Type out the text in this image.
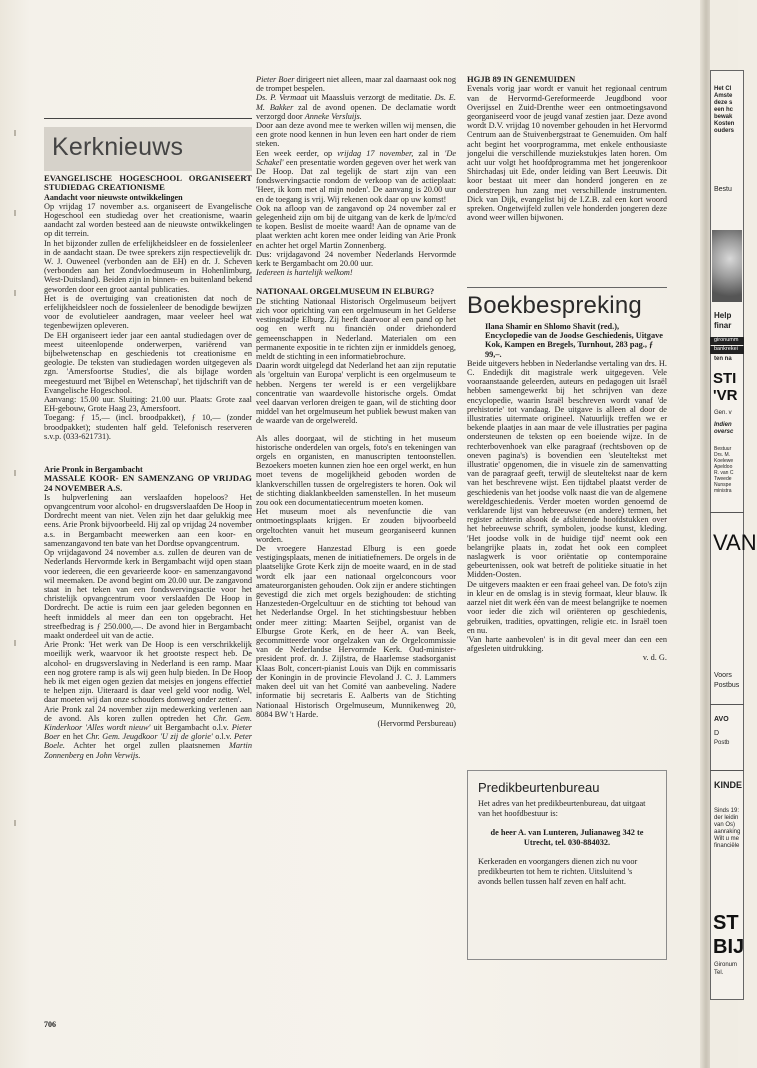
Kerknieuws
EVANGELISCHE HOGESCHOOL ORGANISEERT STUDIEDAG CREATIONISME
Aandacht voor nieuwste ontwikkelingen

Op vrijdag 17 november a.s. organiseert de Evangelische Hogeschool een studiedag over het creationisme, waarin aandacht zal worden besteed aan de nieuwste ontwikkelingen op dit terrein.

In het bijzonder zullen de erfelijkheidsleer en de fossielenleer in de aandacht staan. De twee sprekers zijn respectievelijk dr. W. J. Ouweneel (verbonden aan de EH) en dr. J. Scheven (verbonden aan het Zondvloedmuseum in Hohenlimburg, West-Duitsland). Beiden zijn in binnen- en buitenland bekend geworden door een groot aantal publicaties.

Het is de overtuiging van creationisten dat noch de erfelijkheidsleer noch de fossielenleer de benodigde bewijzen voor de evolutieleer aandragen, maar veeleer heel wat tegenbewijzen opleveren.

De EH organiseert ieder jaar een aantal studiedagen over de meest uiteenlopende onderwerpen, variërend van bijbelwetenschap en geschiedenis tot creationisme en geologie. De teksten van studiedagen worden uitgegeven als zgn. 'Amersfoortse Studies', die als bijlage worden meegestuurd met 'Bijbel en Wetenschap', het tijdschrift van de Evangelische Hogeschool.

Aanvang: 15.00 uur. Sluiting: 21.00 uur. Plaats: Grote zaal EH-gebouw, Grote Haag 23, Amersfoort.

Toegang: ƒ 15,— (incl. broodpakket), ƒ 10,— (zonder broodpakket); studenten half geld. Telefonisch reserveren s.v.p. (033-621731).

Arie Pronk in Bergambacht
MASSALE KOOR- EN SAMENZANG OP VRIJDAG 24 NOVEMBER A.S.

Is hulpverlening aan verslaafden hopeloos? Het opvangcentrum voor alcohol- en drugsverslaafden De Hoop in Dordrecht meent van niet. Velen zijn het daar gelukkig mee eens. Arie Pronk bijvoorbeeld. Hij zal op vrijdag 24 november a.s. in Bergambacht meewerken aan een koor- en samenzangavond ten bate van het Dordtse opvangcentrum.

Op vrijdagavond 24 november a.s. zullen de deuren van de Nederlands Hervormde kerk in Bergambacht wijd open staan voor iedereen, die een gevarieerde koor- en samenzangavond wil meemaken. De avond begint om 20.00 uur. De zangavond staat in het teken van een fondswervingsactie voor het christelijk opvangcentrum voor verslaafden De Hoop in Dordrecht. De actie is ruim een jaar geleden begonnen en heeft inmiddels al meer dan een ton opgebracht. Het streefbedrag is ƒ 250.000,—. De avond hier in Bergambacht maakt onderdeel uit van de actie.

Arie Pronk: 'Het werk van De Hoop is een verschrikkelijk moeilijk werk, waarvoor ik het grootste respect heb. De alcohol- en drugsverslaving in Nederland is een ramp. Maar een nog grotere ramp is als wij geen hulp bieden. In De Hoop heb ik met eigen ogen gezien dat meisjes en jongens effectief te helpen zijn. Uiteraard is daar veel geld voor nodig. Wel, daar moeten wij dan onze schouders domweg onder zetten'.

Arie Pronk zal 24 november zijn medewerking verlenen aan de avond. Als koren zullen optreden het Chr. Gem. Kinderkoor 'Alles wordt nieuw' uit Bergambacht o.l.v. Pieter Boer en het Chr. Gem. Jeugdkoor 'U zij de glorie' o.l.v. Peter Boele. Achter het orgel zullen plaatsnemen Martin Zonnenberg en John Verwijs.

Pieter Boer dirigeert niet alleen, maar zal daarnaast ook nog de trompet bespelen.

Ds. P. Vermaat uit Maassluis verzorgt de meditatie. Ds. E. M. Bakker zal de avond openen. De declamatie wordt verzorgd door Anneke Versluijs.

Door aan deze avond mee te werken willen wij mensen, die een grote nood kennen in hun leven een hart onder de riem steken.

Een week eerder, op vrijdag 17 november, zal in 'De Schakel' een presentatie worden gegeven over het werk van De Hoop. Dat zal tegelijk de start zijn van een fondswervingsactie rondom de verkoop van de actieplaat: 'Heer, ik kom met al mijn noden'. De aanvang is 20.00 uur en de toegang is vrij. Wij rekenen ook daar op uw komst!

Ook na afloop van de zangavond op 24 november zal er gelegenheid zijn om bij de uitgang van de kerk de lp/mc/cd te kopen. Beslist de moeite waard! Aan de opname van de plaat werkten acht koren mee onder leiding van Arie Pronk en achter het orgel Martin Zonnenberg.

Dus: vrijdagavond 24 november Nederlands Hervormde kerk te Bergambacht om 20.00 uur.

Iedereen is hartelijk welkom!

NATIONAAL ORGELMUSEUM IN ELBURG?

De stichting Nationaal Historisch Orgelmuseum beijvert zich voor oprichting van een orgelmuseum in het Gelderse vestingstadje Elburg. Zij heeft daarvoor al een pand op het oog en werft nu financiën onder driehonderd gemeenschappen in Nederland. Materialen om een permanente expositie in te richten zijn er inmiddels genoeg, meldt de stichting in een informatiebrochure.

Daarin wordt uitgelegd dat Nederland het aan zijn reputatie als 'orgeltuin van Europa' verplicht is een orgelmuseum te hebben. Nergens ter wereld is er een vergelijkbare concentratie van waardevolle historische orgels. Omdat veel daarvan verloren dreigen te gaan, wil de stichting door middel van het orgelmuseum het publiek bewust maken van de waarde van de orgelwereld.

Als alles doorgaat, wil de stichting in het museum historische onderdelen van orgels, foto's en tekeningen van orgels en organisten, en manuscripten tentoonstellen. Bezoekers moeten kunnen zien hoe een orgel werkt, en hun moet tevens de mogelijkheid geboden worden de klankverschillen tussen de orgelregisters te horen. Ook wil de stichting diaklankbeelden samenstellen. In het museum zou ook een documentatiecentrum moeten komen.

Het museum moet als nevenfunctie die van ontmoetingsplaats krijgen. Er zouden bijvoorbeeld orgeltochten vanuit het museum georganiseerd kunnen worden.

De vroegere Hanzestad Elburg is een goede vestigingsplaats, menen de initiatiefnemers. De orgels in de plaatselijke Grote Kerk zijn de moeite waard, en in de stad wordt elk jaar een nationaal orgelconcours voor amateurorganisten gehouden. Ook zijn er andere stichtingen gevestigd die zich met orgels bezighouden: de stichting Hanzesteden-Orgelcultuur en de stichting tot behoud van het Nederlandse Orgel. In het stichtingsbestuur hebben onder meer zitting: Maarten Seijbel, organist van de Elburgse Grote Kerk, en de heer A. van Beek, gecommitteerde voor orgelzaken van de Orgelcommissie van de Nederlandse Hervormde Kerk. Oud-minister-president prof. dr. J. Zijlstra, de Haarlemse stadsorganist Klaas Bolt, concert-pianist Louis van Dijk en commissaris der Koningin in de provincie Flevoland J. C. J. Lammers maken deel uit van het Comité van aanbeveling. Nadere informatie bij secretaris E. Aalberts van de Stichting Nationaal Historisch Orgelmuseum, Munnikenweg 20, 8084 BW 't Harde.

(Hervormd Persbureau)

HGJB 89 IN GENEMUIDEN

Evenals vorig jaar wordt er vanuit het regionaal centrum van de Hervormd-Gereformeerde Jeugdbond voor Overijssel en Zuid-Drenthe weer een ontmoetingsavond georganiseerd voor de jeugd vanaf zestien jaar. Deze avond wordt D.V. vrijdag 10 november gehouden in het Hervormd Centrum aan de Stuivenbergstraat te Genemuiden. Om half acht begint het voorprogramma, met enkele enthousiaste jongelui die verschillende muziekstukjes laten horen. Om acht uur volgt het hoofdprogramma met het jongerenkoor Shirchadasj uit Ede, onder leiding van Bert Leeuwis. Dit koor bestaat uit meer dan honderd jongeren en ze onderstrepen hun zang met verschillende instrumenten. Dick van Dijk, evangelist bij de I.Z.B. zal een kort woord spreken. Ongetwijfeld zullen vele honderden jongeren deze avond weer willen bijwonen.

Boekbespreking
Ilana Shamir en Shlomo Shavit (red.), Encyclopedie van de Joodse Geschiedenis, Uitgave Kok, Kampen en Bregels, Turnhout, 283 pag., ƒ 99,–.

Beide uitgevers hebben in Nederlandse vertaling van drs. H. C. Endedijk dit magistrale werk uitgegeven. Vele vooraanstaande geleerden, auteurs en pedagogen uit Israël hebben samengewerkt bij het schrijven van deze encyclopedie, waarin Israël beschreven wordt vanaf 'de prehistorie' tot vandaag. De uitgave is alleen al door de illustraties uitermate origineel. Natuurlijk treffen we er bekende plaatjes in aan maar de vele illustraties per pagina ondersteunen de teksten op een boeiende wijze. In de rechterbovenhoek van elke paragraaf (rechtsboven op de oneven pagina's) is bovendien een 'sleuteltekst met illustratie' opgenomen, die in visuele zin de samenvatting van de paragraaf geeft, terwijl de sleuteltekst naar de kern van het beschrevene wijst. Een tijdtabel plaatst verder de geschiedenis van het joodse volk naast die van de algemene wereldgeschiedenis. Verder moeten worden genoemd de verklarende lijst van hebreeuwse (en andere) termen, het register achterin alsook de afsluitende hoofdstukken over het hebreeuwse schrift, symbolen, joodse kunst, kleding. 'Het joodse volk in de huidige tijd' neemt ook een belangrijke plaats in, zodat het ook een compleet naslagwerk is voor oriëntatie op contemporaine gebeurtenissen, ook wat betreft de politieke situatie in het Midden-Oosten.

De uitgevers maakten er een fraai geheel van. De foto's zijn in kleur en de omslag is in stevig formaat, kleur blauw. Ik aarzel niet dit werk één van de meest belangrijke te noemen voor ieder die zich wil oriënteren op geschiedenis, gebruiken, tradities, opvattingen, religie etc. in Israël toen en nu.

'Van harte aanbevolen' is in dit geval meer dan een een afgesleten uitdrukking.

v. d. G.

Predikbeurtenbureau

Het adres van het predikbeurtenbureau, dat uitgaat van het hoofdbestuur is:

de heer A. van Lunteren, Julianaweg 342 te Utrecht, tel. 030-884032.

Kerkeraden en voorgangers dienen zich nu voor predikbeurten tot hem te richten. Uitsluitend 's avonds bellen tussen half zeven en half acht.

706
Het Cl
Amste
deze s
een hc
bewak
Kosten
ouders
Bestu
Help
finar
gironumm
bankrekei
ten na
STI
'VR
Gen. v
Indien
oversc
Bestuur
Drs. M.
Koelewe
Apeldoo
R. van C
Tweede
Nunspe
ministra
VAN
Voors
Postbus
AVO
D
Postb
KINDE
Sinds 19:
der leidin
van Os)
aanraking
Wilt u me
financiële
ST
BIJ
Gironum
Tel.
